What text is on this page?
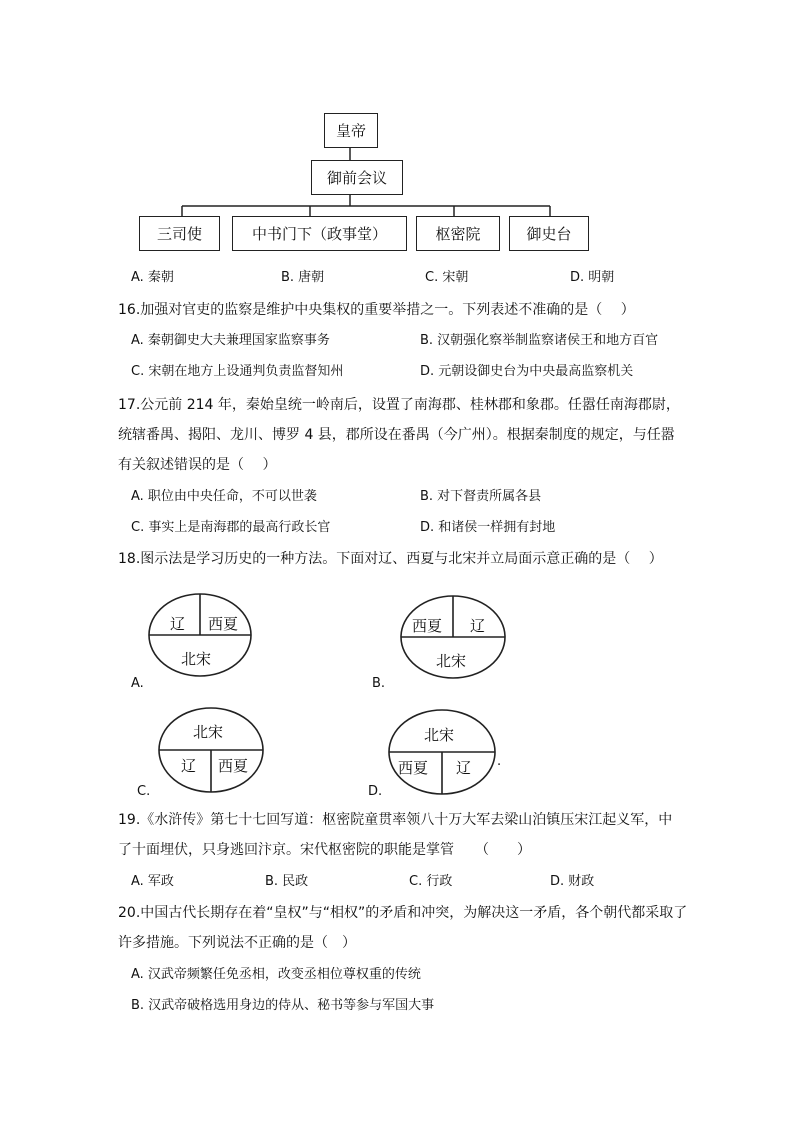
皇帝
御前会议
三司使	中书门下（政事堂）	枢密院	御史台
A. 秦朝	B. 唐朝	C. 宋朝	D. 明朝
16.加强对官吏的监察是维护中央集权的重要举措之一。下列表述不准确的是（　 ）
A. 秦朝御史大夫兼理国家监察事务	B. 汉朝强化察举制监察诸侯王和地方百官
C. 宋朝在地方上设通判负责监督知州	D. 元朝设御史台为中央最高监察机关
17.公元前 214 年，秦始皇统一岭南后，设置了南海郡、桂林郡和象郡。任嚣任南海郡尉，
统辖番禺、揭阳、龙川、博罗 4 县，郡所设在番禺（今广州）。根据秦制度的规定，与任嚣
有关叙述错误的是（　 ）
A. 职位由中央任命，不可以世袭	B. 对下督责所属各县
C. 事实上是南海郡的最高行政长官	D. 和诸侯一样拥有封地
18.图示法是学习历史的一种方法。下面对辽、西夏与北宋并立局面示意正确的是（　 ）
辽 西夏
北宋
A.
西夏 辽
北宋
B.
北宋
辽 西夏
C.
北宋
西夏 辽
D.
.
19.《水浒传》第七十七回写道：枢密院童贯率领八十万大军去梁山泊镇压宋江起义军，中
了十面埋伏，只身逃回汴京。宋代枢密院的职能是掌管　　（　　）
A. 军政	B. 民政	C. 行政	D. 财政
20.中国古代长期存在着“皇权”与“相权”的矛盾和冲突，为解决这一矛盾，各个朝代都采取了
许多措施。下列说法不正确的是（　）
A. 汉武帝频繁任免丞相，改变丞相位尊权重的传统
B. 汉武帝破格选用身边的侍从、秘书等参与军国大事
